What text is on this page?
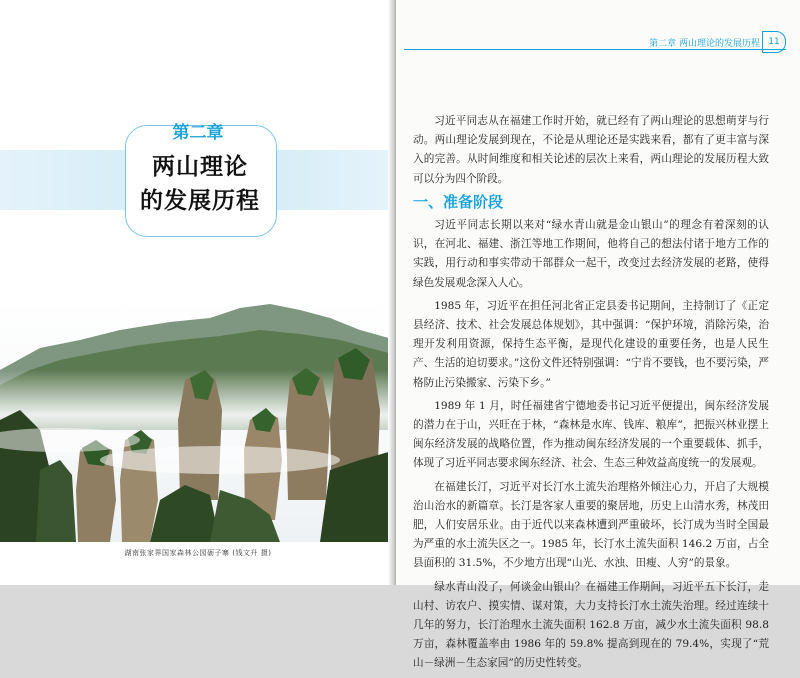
第二章
两山理论
的发展历程
湖南张家界国家森林公园砺子寨 (钱文升 摄)
第二章 两山理论的发展历程 11

习近平同志从在福建工作时开始，就已经有了两山理论的思想萌芽与行动。两山理论发展到现在，不论是从理论还是实践来看，都有了更丰富与深入的完善。从时间维度和相关论述的层次上来看，两山理论的发展历程大致可以分为四个阶段。

一、准备阶段

习近平同志长期以来对“绿水青山就是金山银山”的理念有着深刻的认识，在河北、福建、浙江等地工作期间，他将自己的想法付诸于地方工作的实践，用行动和事实带动干部群众一起干，改变过去经济发展的老路，使得绿色发展观念深入人心。

1985 年，习近平在担任河北省正定县委书记期间，主持制订了《正定县经济、技术、社会发展总体规划》，其中强调：“保护环境，消除污染，治理开发利用资源，保持生态平衡，是现代化建设的重要任务，也是人民生产、生活的迫切要求。”这份文件还特别强调：“宁肯不要钱，也不要污染，严格防止污染搬家、污染下乡。”

1989 年 1 月，时任福建省宁德地委书记习近平便提出，闽东经济发展的潜力在于山，兴旺在于林，“森林是水库、钱库、粮库”，把振兴林业摆上闽东经济发展的战略位置，作为推动闽东经济发展的一个重要载体、抓手，体现了习近平同志要求闽东经济、社会、生态三种效益高度统一的发展观。

在福建长汀，习近平对长汀水土流失治理格外倾注心力，开启了大规模治山治水的新篇章。长汀是客家人重要的聚居地，历史上山清水秀，林茂田肥，人们安居乐业。由于近代以来森林遭到严重破坏，长汀成为当时全国最为严重的水土流失区之一。1985 年，长汀水土流失面积 146.2 万亩，占全县面积的 31.5%，不少地方出现“山光、水浊、田瘦、人穷”的景象。

绿水青山没了，何谈金山银山？在福建工作期间，习近平五下长汀，走山村、访农户、摸实情、谋对策，大力支持长汀水土流失治理。经过连续十几年的努力，长汀治理水土流失面积 162.8 万亩，减少水土流失面积 98.8 万亩，森林覆盖率由 1986 年的 59.8% 提高到现在的 79.4%，实现了“荒山－绿洲－生态家园”的历史性转变。
